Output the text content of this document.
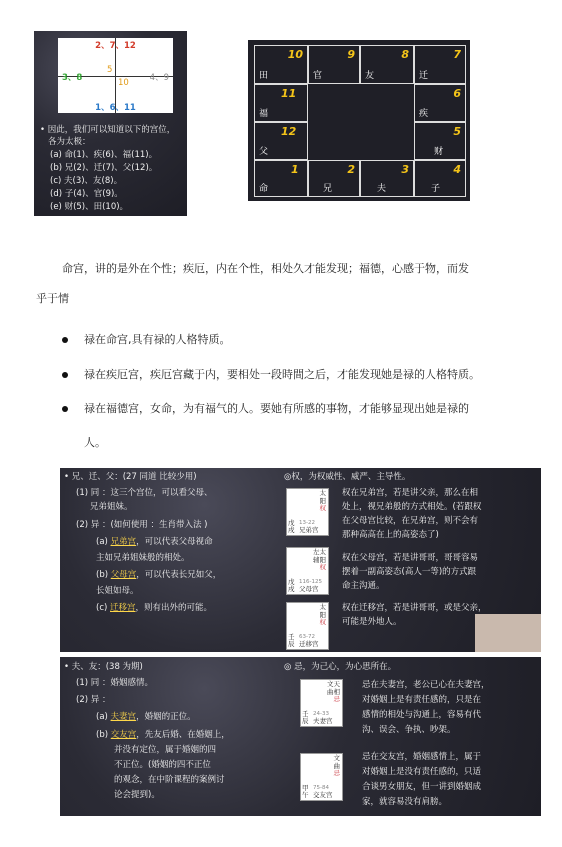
2、7、12
1、6、11
3、8	4、9
5
10
• 因此，我们可以知道以下的宫位，
各为太极：
(a) 命(1)、疾(6)、福(11)。
(b) 兄(2)、迁(7)、父(12)。
(c) 夫(3)、友(8)。
(d) 子(4)、官(9)。
(e) 财(5)、田(10)。
10
田
9
官
8
友
7
迁
11
福
6
疾
12
父
5
财
1
命
2
兄
3
夫
4
子
命宫，讲的是外在个性；疾厄，内在个性，相处久才能发现；福德，心感于物，而发
乎于情
禄在命宫,具有禄的人格特质。
禄在疾厄宫，疾厄宫藏于内，要相处一段時間之后，才能发现她是禄的人格特质。
禄在福德宫，女命，为有福气的人。要她有所感的事物，才能够显现出她是禄的
人。
• 兄、迁、父：(27 同道 比较少用)
(1) 同 ：这三个宫位，可以看父母、
兄弟姐妹。
(2) 异 ：(如何使用 ：生肖带入法 )
(a) 兄弟宫，可以代表父母视命
主如兄弟姐妹般的相处。
(b) 父母宫，可以代表长兄如父，
长姐如母。
(c) 迁移宫，则有出外的可能。
◎权，为权威性、威严、主导性。
太
阳
权
戊
戌
13-22
兄弟宫
左太
辅阳
权
戊
戌
116-125
父母宫
太
阳
权
壬
辰
63-72
迁移宫
权在兄弟宫，若是讲父亲，那么在相
处上，视兄弟般的方式相处。(若跟权
在父母宫比较，在兄弟宫，则不会有
那种高高在上的高姿态了)
权在父母宫，若是讲哥哥，哥哥容易
摆着一副高姿态(高人一等)的方式跟
命主沟通。
权在迁移宫，若是讲哥哥，或是父亲，
可能是外地人。
• 夫、友：(38 为期)
(1) 同 ：婚姻感情。
(2) 异 ：
(a) 夫妻宫，婚姻的正位。
(b) 交友宫，先友后婚、在婚姻上，
并没有定位，属于婚姻的四
不正位。(婚姻的四不正位
的观念，在中阶课程的案例讨
论会提到)。
◎ 忌，为己心，为心思所在。
文天
曲相
忌
壬
辰
24-33
夫妻宫
文
曲
忌
甲
午
75-84
交友宫
忌在夫妻宫，老公已心在夫妻宫，
对婚姻上是有责任感的，只是在
感情的相处与沟通上，容易有代
沟、误会、争执、吵架。
忌在交友宫，婚姻感情上，属于
对婚姻上是没有责任感的，只适
合谈男女朋友，但一讲到婚姻成
家，就容易没有肩膀。
